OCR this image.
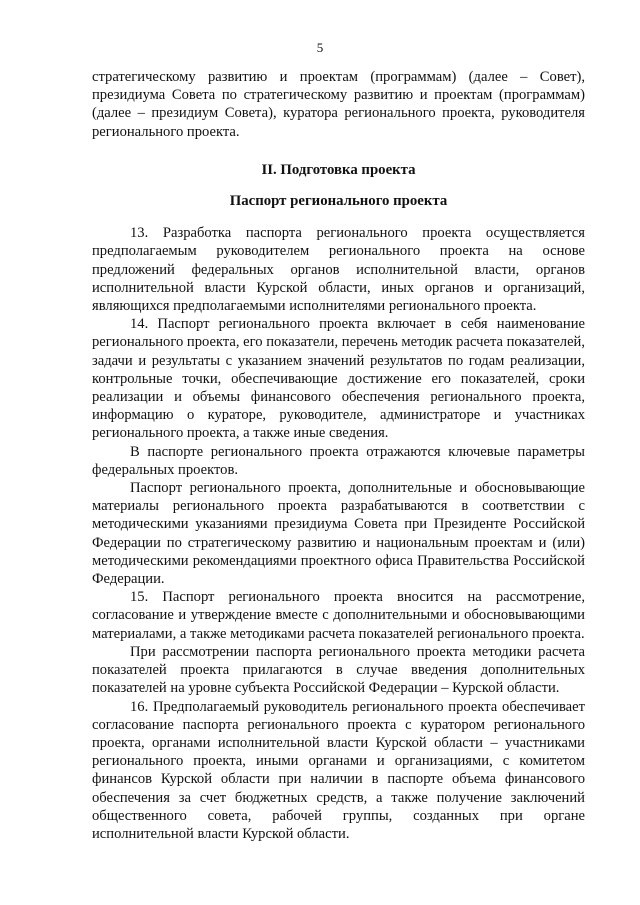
5

стратегическому развитию и проектам (программам) (далее – Совет), президиума Совета по стратегическому развитию и проектам (программам) (далее – президиум Совета), куратора регионального проекта, руководителя регионального проекта.

II. Подготовка проекта

Паспорт регионального проекта

13. Разработка паспорта регионального проекта осуществляется предполагаемым руководителем регионального проекта на основе предложений федеральных органов исполнительной власти, органов исполнительной власти Курской области, иных органов и организаций, являющихся предполагаемыми исполнителями регионального проекта.

14. Паспорт регионального проекта включает в себя наименование регионального проекта, его показатели, перечень методик расчета показателей, задачи и результаты с указанием значений результатов по годам реализации, контрольные точки, обеспечивающие достижение его показателей, сроки реализации и объемы финансового обеспечения регионального проекта, информацию о кураторе, руководителе, администраторе и участниках регионального проекта, а также иные сведения.

В паспорте регионального проекта отражаются ключевые параметры федеральных проектов.

Паспорт регионального проекта, дополнительные и обосновывающие материалы регионального проекта разрабатываются в соответствии с методическими указаниями президиума Совета при Президенте Российской Федерации по стратегическому развитию и национальным проектам и (или) методическими рекомендациями проектного офиса Правительства Российской Федерации.

15. Паспорт регионального проекта вносится на рассмотрение, согласование и утверждение вместе с дополнительными и обосновывающими материалами, а также методиками расчета показателей регионального проекта.

При рассмотрении паспорта регионального проекта методики расчета показателей проекта прилагаются в случае введения дополнительных показателей на уровне субъекта Российской Федерации – Курской области.

16. Предполагаемый руководитель регионального проекта обеспечивает согласование паспорта регионального проекта с куратором регионального проекта, органами исполнительной власти Курской области – участниками регионального проекта, иными органами и организациями, с комитетом финансов Курской области при наличии в паспорте объема финансового обеспечения за счет бюджетных средств, а также получение заключений общественного совета, рабочей группы, созданных при органе исполнительной власти Курской области.
